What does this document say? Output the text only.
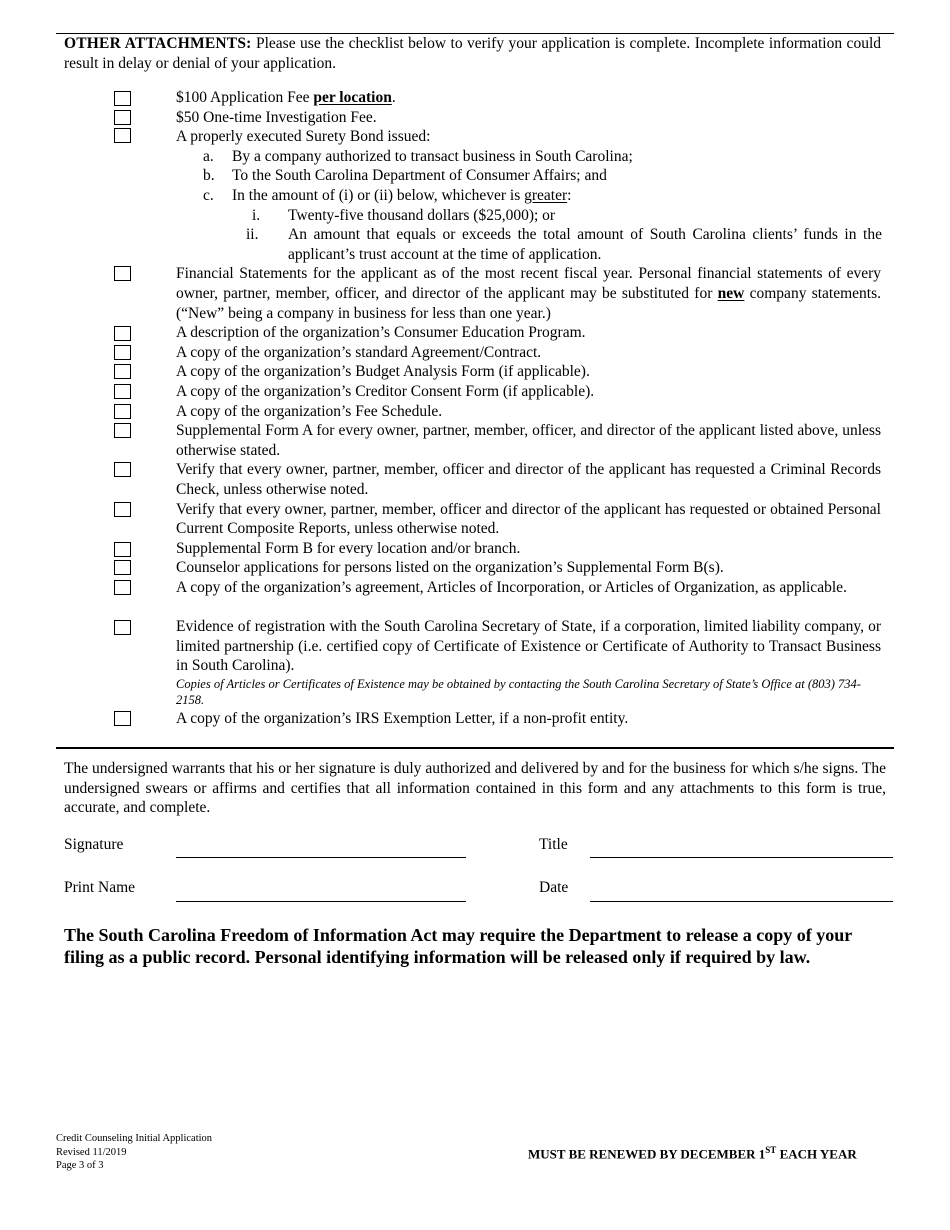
OTHER ATTACHMENTS: Please use the checklist below to verify your application is complete. Incomplete information could result in delay or denial of your application.
$100 Application Fee per location.
$50 One-time Investigation Fee.
A properly executed Surety Bond issued:
a. By a company authorized to transact business in South Carolina;
b. To the South Carolina Department of Consumer Affairs; and
c. In the amount of (i) or (ii) below, whichever is greater:
i. Twenty-five thousand dollars ($25,000); or
ii. An amount that equals or exceeds the total amount of South Carolina clients’ funds in the applicant’s trust account at the time of application.
Financial Statements for the applicant as of the most recent fiscal year. Personal financial statements of every owner, partner, member, officer, and director of the applicant may be substituted for new company statements. (“New” being a company in business for less than one year.)
A description of the organization’s Consumer Education Program.
A copy of the organization’s standard Agreement/Contract.
A copy of the organization’s Budget Analysis Form (if applicable).
A copy of the organization’s Creditor Consent Form (if applicable).
A copy of the organization’s Fee Schedule.
Supplemental Form A for every owner, partner, member, officer, and director of the applicant listed above, unless otherwise stated.
Verify that every owner, partner, member, officer and director of the applicant has requested a Criminal Records Check, unless otherwise noted.
Verify that every owner, partner, member, officer and director of the applicant has requested or obtained Personal Current Composite Reports, unless otherwise noted.
Supplemental Form B for every location and/or branch.
Counselor applications for persons listed on the organization’s Supplemental Form B(s).
A copy of the organization’s agreement, Articles of Incorporation, or Articles of Organization, as applicable.
Evidence of registration with the South Carolina Secretary of State, if a corporation, limited liability company, or limited partnership (i.e. certified copy of Certificate of Existence or Certificate of Authority to Transact Business in South Carolina).
Copies of Articles or Certificates of Existence may be obtained by contacting the South Carolina Secretary of State’s Office at (803) 734-2158.
A copy of the organization’s IRS Exemption Letter, if a non-profit entity.
The undersigned warrants that his or her signature is duly authorized and delivered by and for the business for which s/he signs. The undersigned swears or affirms and certifies that all information contained in this form and any attachments to this form is true, accurate, and complete.
Signature	Title
Print Name	Date
The South Carolina Freedom of Information Act may require the Department to release a copy of your filing as a public record. Personal identifying information will be released only if required by law.
Credit Counseling Initial Application
Revised 11/2019
Page 3 of 3
MUST BE RENEWED BY DECEMBER 1ST EACH YEAR
